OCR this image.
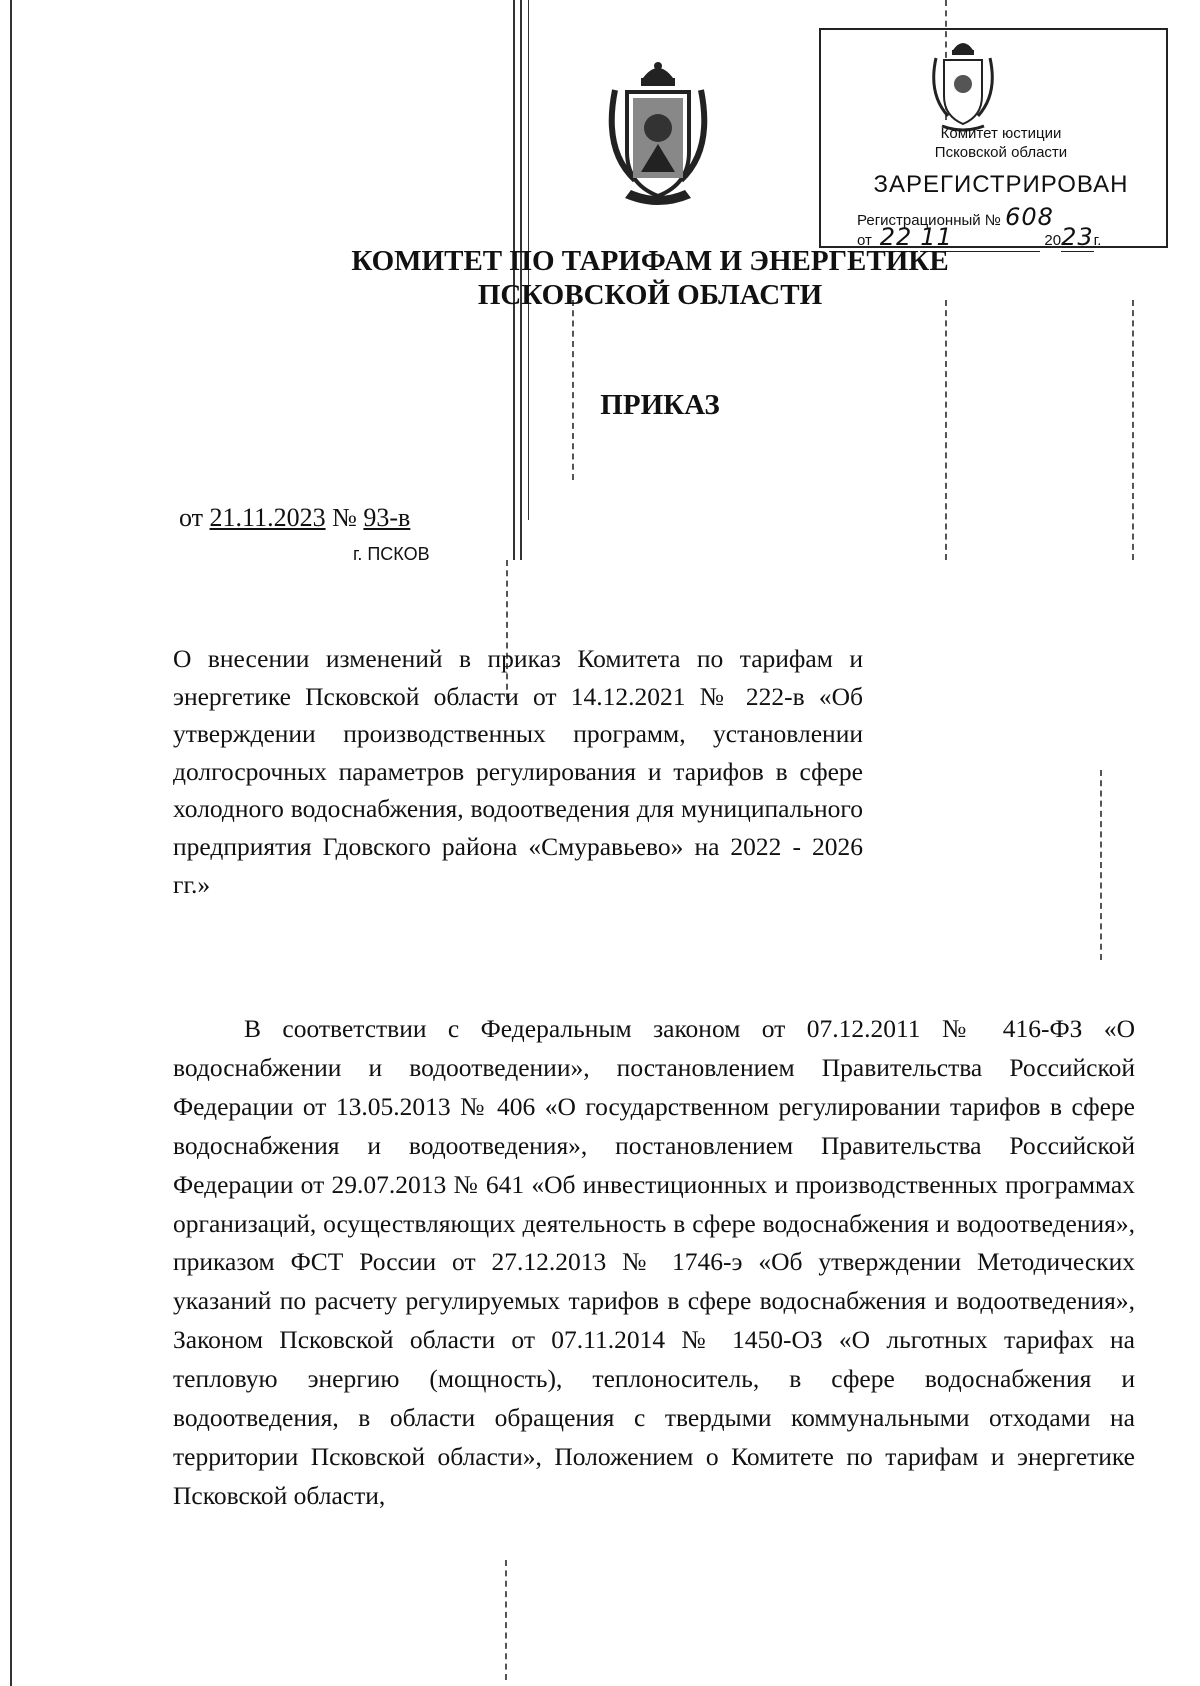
Комитет юстиции
Псковской области
ЗАРЕГИСТРИРОВАН
Регистрационный № 608
от 22 11	2023г.
КОМИТЕТ ПО ТАРИФАМ И ЭНЕРГЕТИКЕ
ПСКОВСКОЙ ОБЛАСТИ
ПРИКАЗ
от 21.11.2023 № 93-в
г. ПСКОВ
О внесении изменений в приказ Комитета по тарифам и энергетике Псковской области от 14.12.2021 № 222-в «Об утверждении производственных программ, установлении долгосрочных параметров регулирования и тарифов в сфере холодного водоснабжения, водоотведения для муниципального предприятия Гдовского района «Смуравьево» на 2022 - 2026 гг.»
В соответствии с Федеральным законом от 07.12.2011 № 416-ФЗ «О водоснабжении и водоотведении», постановлением Правительства Российской Федерации от 13.05.2013 № 406 «О государственном регулировании тарифов в сфере водоснабжения и водоотведения», постановлением Правительства Российской Федерации от 29.07.2013 № 641 «Об инвестиционных и производственных программах организаций, осуществляющих деятельность в сфере водоснабжения и водоотведения», приказом ФСТ России от 27.12.2013 № 1746-э «Об утверждении Методических указаний по расчету регулируемых тарифов в сфере водоснабжения и водоотведения», Законом Псковской области от 07.11.2014 № 1450-ОЗ «О льготных тарифах на тепловую энергию (мощность), теплоноситель, в сфере водоснабжения и водоотведения, в области обращения с твердыми коммунальными отходами на территории Псковской области», Положением о Комитете по тарифам и энергетике Псковской области,
